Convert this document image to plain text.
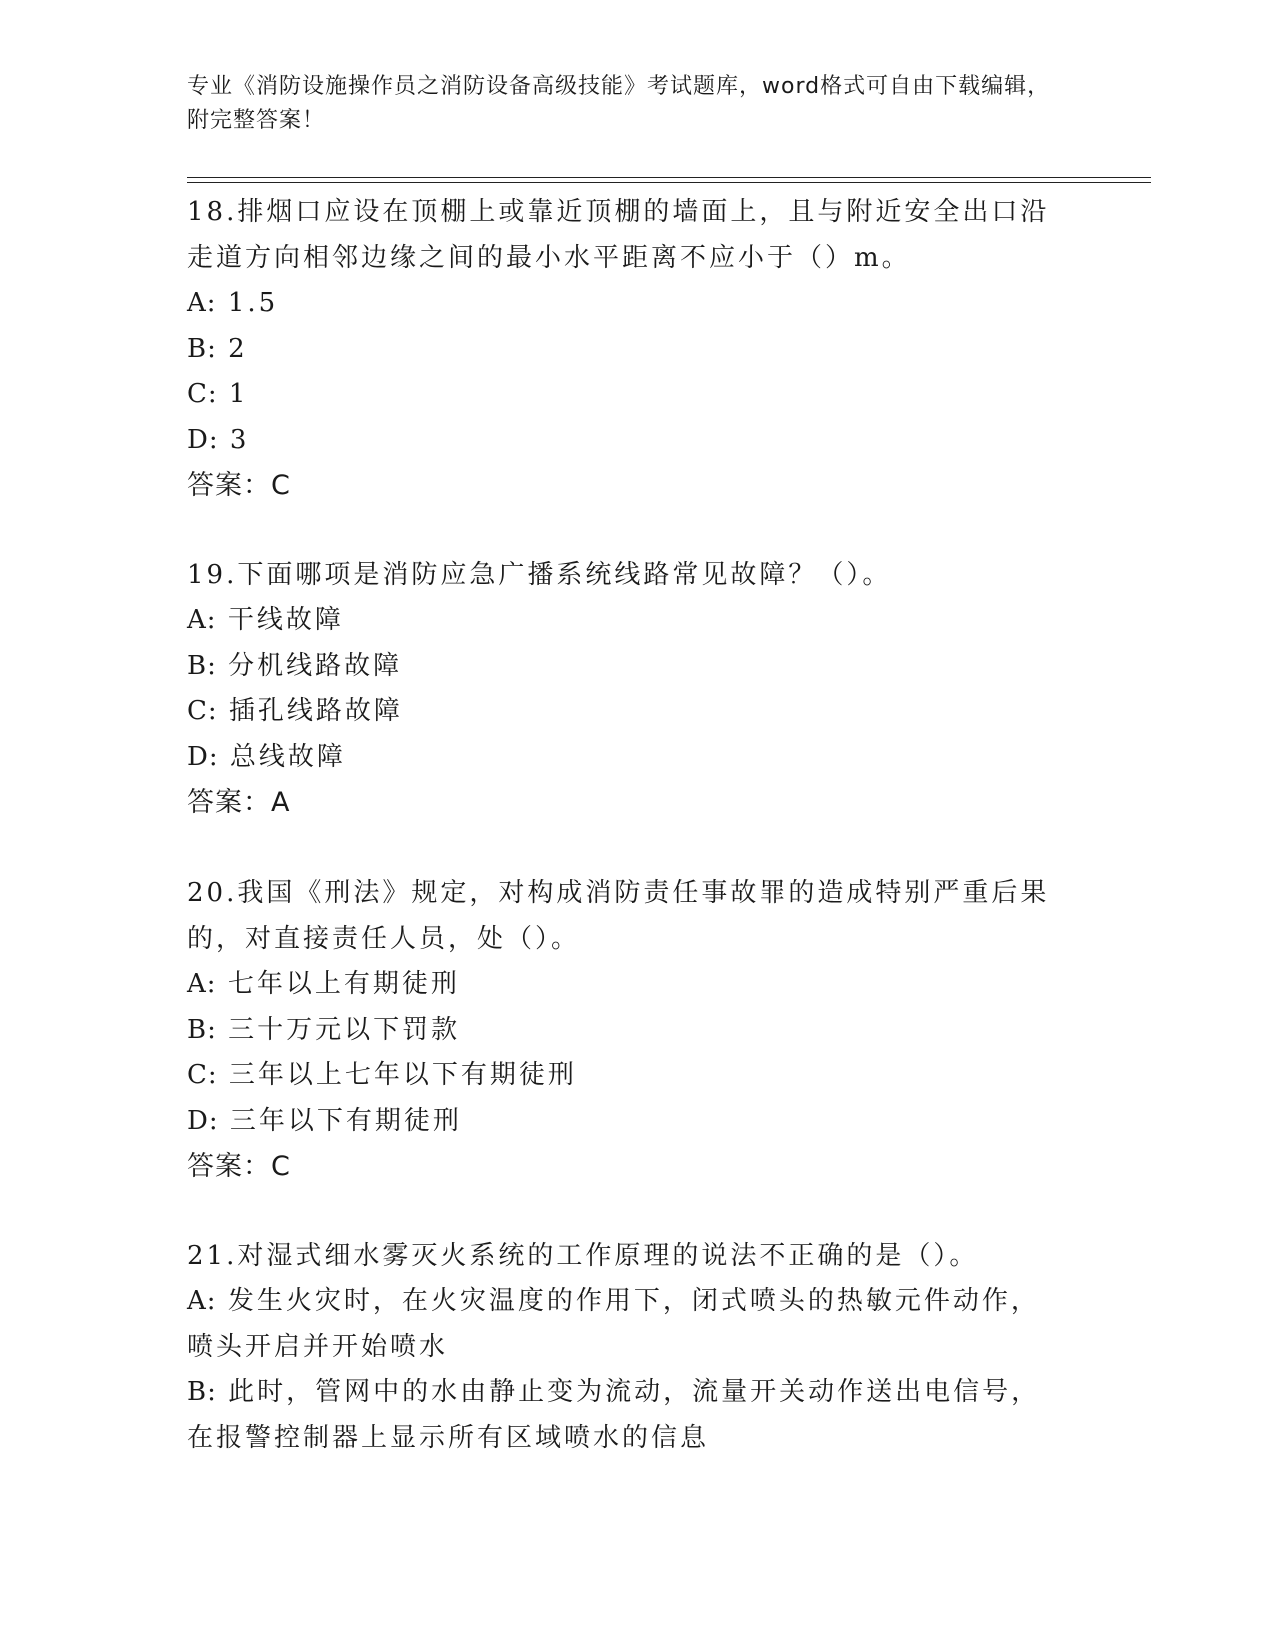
专业《消防设施操作员之消防设备高级技能》考试题库，word格式可自由下载编辑，附完整答案！

18.排烟口应设在顶棚上或靠近顶棚的墙面上，且与附近安全出口沿走道方向相邻边缘之间的最小水平距离不应小于（）m。

A: 1.5

B: 2

C: 1

D: 3

答案：C

19.下面哪项是消防应急广播系统线路常见故障？（）。

A: 干线故障

B: 分机线路故障

C: 插孔线路故障

D: 总线故障

答案：A

20.我国《刑法》规定，对构成消防责任事故罪的造成特别严重后果的，对直接责任人员，处（）。

A: 七年以上有期徒刑

B: 三十万元以下罚款

C: 三年以上七年以下有期徒刑

D: 三年以下有期徒刑

答案：C

21.对湿式细水雾灭火系统的工作原理的说法不正确的是（）。

A: 发生火灾时，在火灾温度的作用下，闭式喷头的热敏元件动作，喷头开启并开始喷水

B: 此时，管网中的水由静止变为流动，流量开关动作送出电信号，在报警控制器上显示所有区域喷水的信息
